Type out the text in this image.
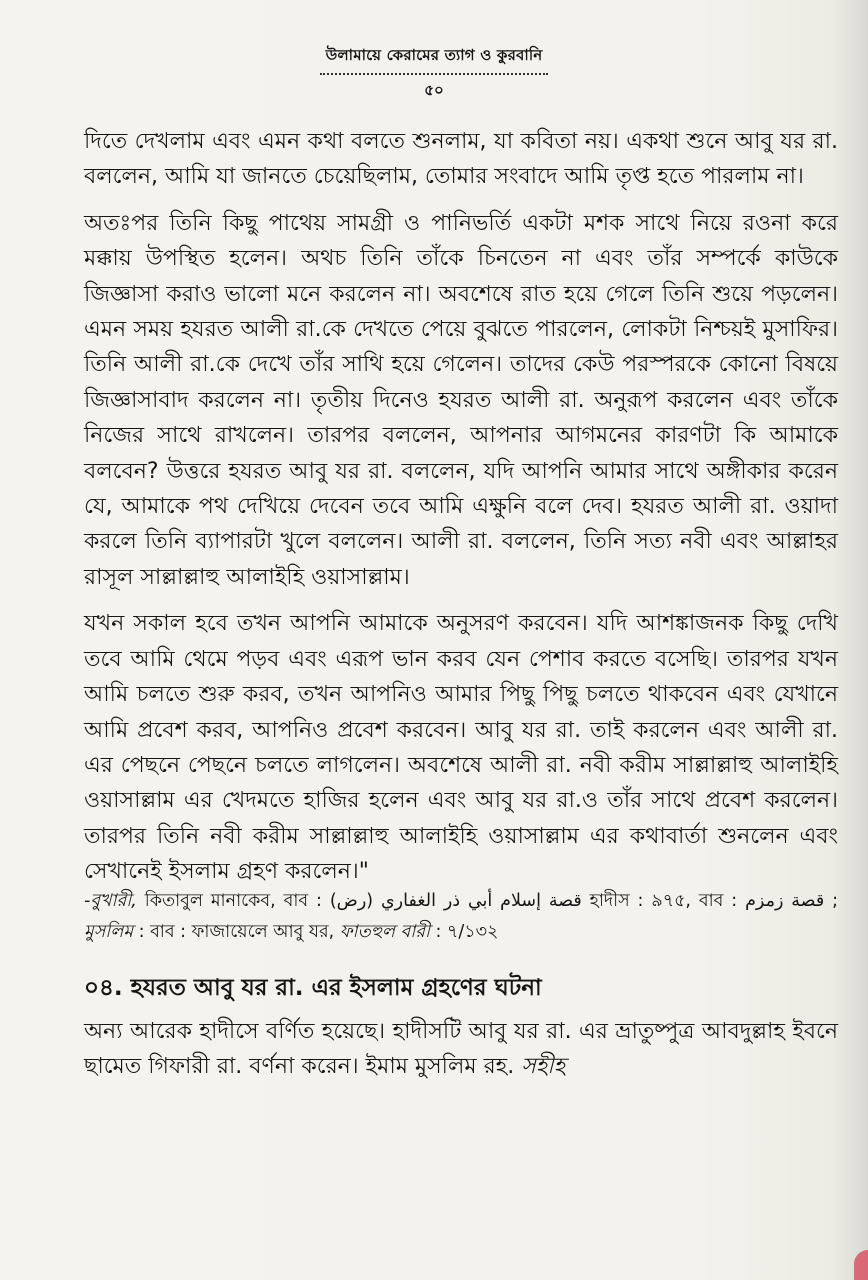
উলামায়ে কেরামের ত্যাগ ও কুরবানি
৫০

দিতে দেখলাম এবং এমন কথা বলতে শুনলাম, যা কবিতা নয়। একথা শুনে আবু যর রা. বললেন, আমি যা জানতে চেয়েছিলাম, তোমার সংবাদে আমি তৃপ্ত হতে পারলাম না।

অতঃপর তিনি কিছু পাথেয় সামগ্রী ও পানিভর্তি একটা মশক সাথে নিয়ে রওনা করে মক্কায় উপস্থিত হলেন। অথচ তিনি তাঁকে চিনতেন না এবং তাঁর সম্পর্কে কাউকে জিজ্ঞাসা করাও ভালো মনে করলেন না। অবশেষে রাত হয়ে গেলে তিনি শুয়ে পড়লেন। এমন সময় হযরত আলী রা.কে দেখতে পেয়ে বুঝতে পারলেন, লোকটা নিশ্চয়ই মুসাফির। তিনি আলী রা.কে দেখে তাঁর সাথি হয়ে গেলেন। তাদের কেউ পরস্পরকে কোনো বিষয়ে জিজ্ঞাসাবাদ করলেন না। তৃতীয় দিনেও হযরত আলী রা. অনুরূপ করলেন এবং তাঁকে নিজের সাথে রাখলেন। তারপর বললেন, আপনার আগমনের কারণটা কি আমাকে বলবেন? উত্তরে হযরত আবু যর রা. বললেন, যদি আপনি আমার সাথে অঙ্গীকার করেন যে, আমাকে পথ দেখিয়ে দেবেন তবে আমি এক্ষুনি বলে দেব। হযরত আলী রা. ওয়াদা করলে তিনি ব্যাপারটা খুলে বললেন। আলী রা. বললেন, তিনি সত্য নবী এবং আল্লাহর রাসূল সাল্লাল্লাহু আলাইহি ওয়াসাল্লাম।

যখন সকাল হবে তখন আপনি আমাকে অনুসরণ করবেন। যদি আশঙ্কাজনক কিছু দেখি তবে আমি থেমে পড়ব এবং এরূপ ভান করব যেন পেশাব করতে বসেছি। তারপর যখন আমি চলতে শুরু করব, তখন আপনিও আমার পিছু পিছু চলতে থাকবেন এবং যেখানে আমি প্রবেশ করব, আপনিও প্রবেশ করবেন। আবু যর রা. তাই করলেন এবং আলী রা. এর পেছনে পেছনে চলতে লাগলেন। অবশেষে আলী রা. নবী করীম সাল্লাল্লাহু আলাইহি ওয়াসাল্লাম এর খেদমতে হাজির হলেন এবং আবু যর রা.ও তাঁর সাথে প্রবেশ করলেন। তারপর তিনি নবী করীম সাল্লাল্লাহু আলাইহি ওয়াসাল্লাম এর কথাবার্তা শুনলেন এবং সেখানেই ইসলাম গ্রহণ করলেন।"

-বুখারী, কিতাবুল মানাকেব, বাব : (قصة إسلام أبي ذر الغفاري (رض হাদীস : ৯৭৫, বাব : قصة زمزم ; মুসলিম : বাব : ফাজায়েলে আবু যর, ফাতহুল বারী : ৭/১৩২

০৪. হযরত আবু যর রা. এর ইসলাম গ্রহণের ঘটনা

অন্য আরেক হাদীসে বর্ণিত হয়েছে। হাদীসটি আবু যর রা. এর ভ্রাতুষ্পুত্র আবদুল্লাহ ইবনে ছামেত গিফারী রা. বর্ণনা করেন। ইমাম মুসলিম রহ. সহীহ
